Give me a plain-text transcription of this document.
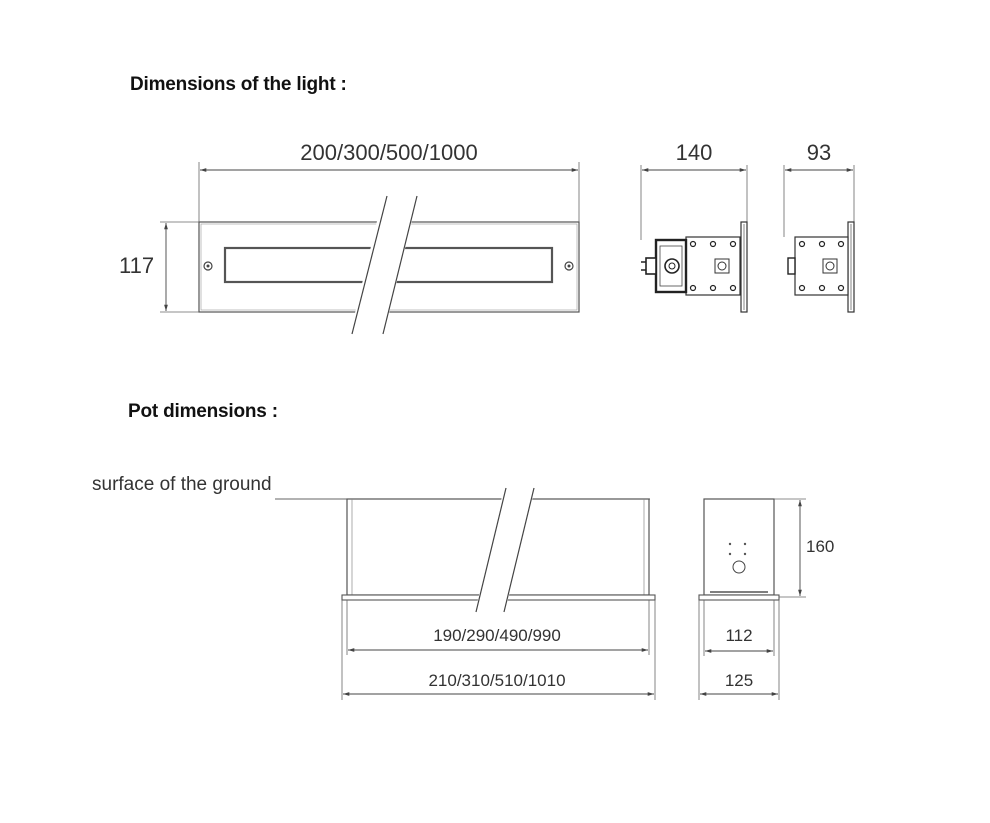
Dimensions of the light :
Pot dimensions :
200/300/500/1000
117
140	93
surface of the ground
190/290/490/990
210/310/510/1010
160
112
125
